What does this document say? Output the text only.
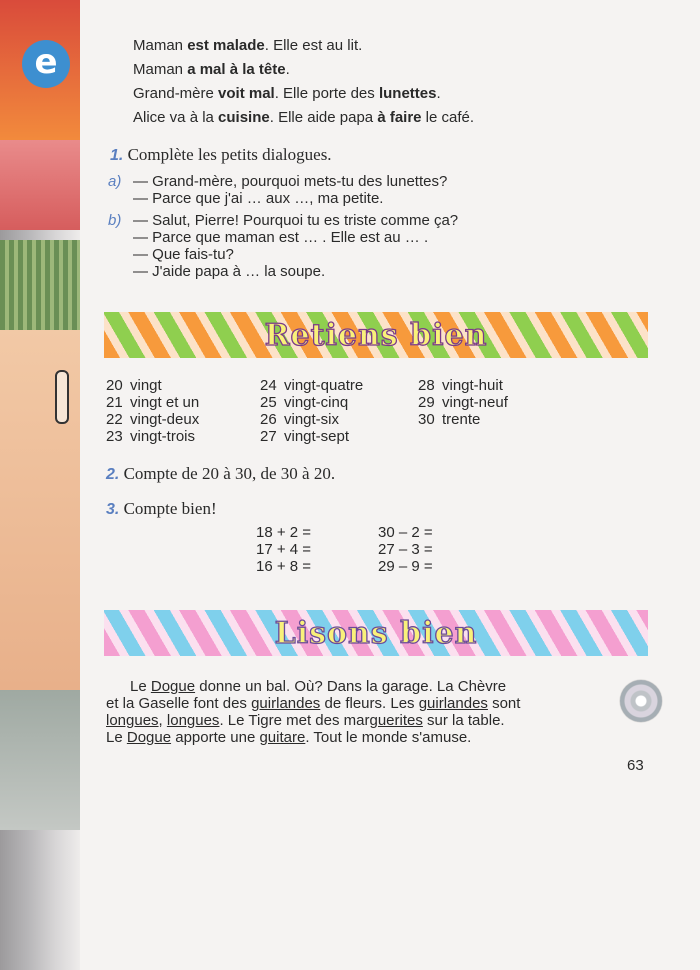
e	Maman est malade. Elle est au lit.
Maman a mal à la tête.
Grand-mère voit mal. Elle porte des lunettes.
Alice va à la cuisine. Elle aide papa à faire le café.
1. Complète les petits dialogues.
a) — Grand-mère, pourquoi mets-tu des lunettes?
— Parce que j'ai … aux …, ma petite.
b) — Salut, Pierre! Pourquoi tu es triste comme ça?
— Parce que maman est … . Elle est au … .
— Que fais-tu?
— J'aide papa à … la soupe.
Retiens bien
20 vingt
21 vingt et un
22 vingt-deux
23 vingt-trois
24 vingt-quatre
25 vingt-cinq
26 vingt-six
27 vingt-sept
28 vingt-huit
29 vingt-neuf
30 trente
2. Compte de 20 à 30, de 30 à 20.
3. Compte bien!
18 + 2 =
17 + 4 =
16 + 8 =
30 – 2 =
27 – 3 =
29 – 9 =
Lisons bien
Le Dogue donne un bal. Où? Dans la garage. La Chèvre
et la Gaselle font des guirlandes de fleurs. Les guirlandes sont
longues, longues. Le Tigre met des marguerites sur la table.
Le Dogue apporte une guitare. Tout le monde s'amuse.
63
